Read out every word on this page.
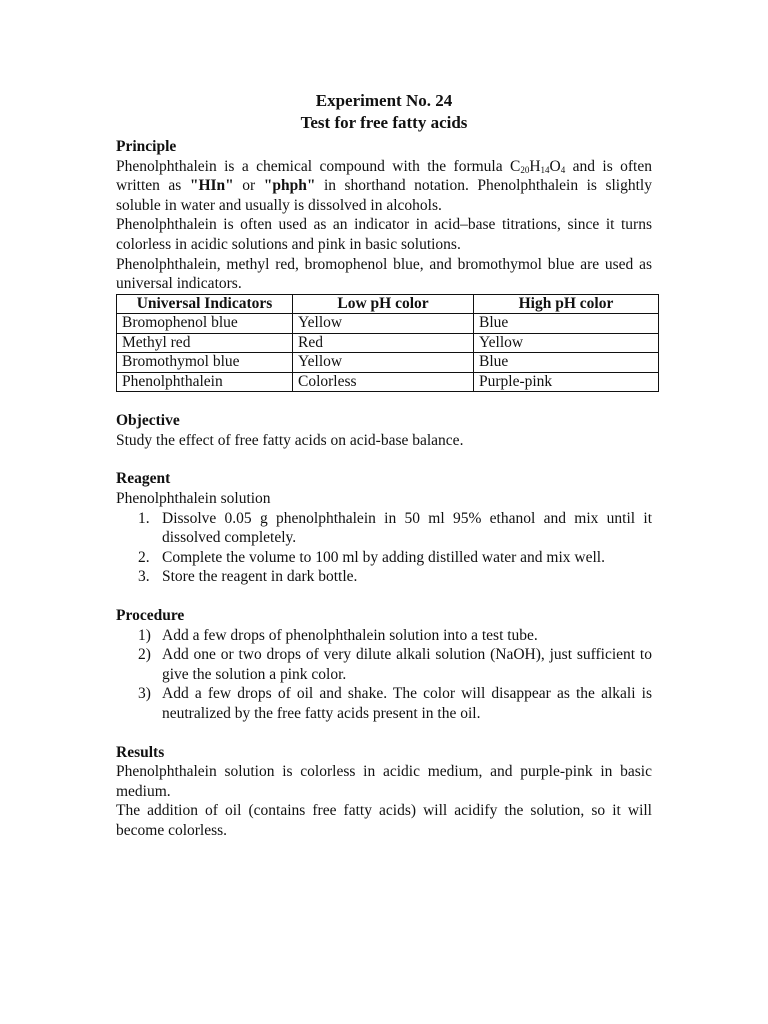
Experiment No. 24

Test for free fatty acids

Principle

Phenolphthalein is a chemical compound with the formula $C_{20}H_{14}O_4$ and is often written as "HIn" or "phph" in shorthand notation. Phenolphthalein is slightly soluble in water and usually is dissolved in alcohols.

Phenolphthalein is often used as an indicator in acid–base titrations, since it turns colorless in acidic solutions and pink in basic solutions.

Phenolphthalein, methyl red, bromophenol blue, and bromothymol blue are used as universal indicators.

Universal Indicators	Low pH color	High pH color
Bromophenol blue	Yellow	Blue
Methyl red	Red	Yellow
Bromothymol blue	Yellow	Blue
Phenolphthalein	Colorless	Purple-pink

Objective

Study the effect of free fatty acids on acid-base balance.

Reagent

Phenolphthalein solution

1. Dissolve 0.05 g phenolphthalein in 50 ml 95% ethanol and mix until it dissolved completely.
2. Complete the volume to 100 ml by adding distilled water and mix well.
3. Store the reagent in dark bottle.

Procedure

1) Add a few drops of phenolphthalein solution into a test tube.
2) Add one or two drops of very dilute alkali solution (NaOH), just sufficient to give the solution a pink color.
3) Add a few drops of oil and shake. The color will disappear as the alkali is neutralized by the free fatty acids present in the oil.

Results

Phenolphthalein solution is colorless in acidic medium, and purple-pink in basic medium.

The addition of oil (contains free fatty acids) will acidify the solution, so it will become colorless.
